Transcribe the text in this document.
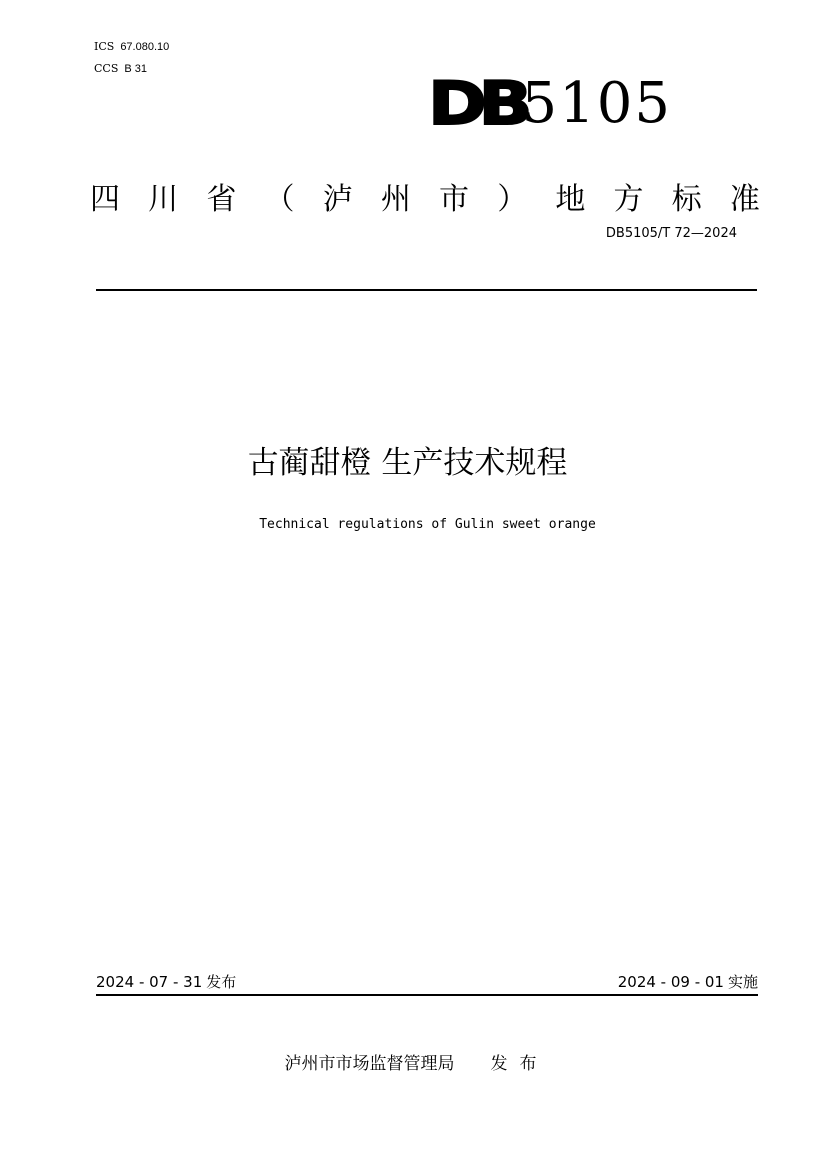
ICS 67.080.10
CCS B 31	DB
5105
四 川 省 （ 泸 州 市 ） 地 方 标 准
DB5105/T 72—2024
古蔺甜橙 生产技术规程
Technical regulations of Gulin sweet orange
2024 - 07 - 31 发布	2024 - 09 - 01 实施
泸州市市场监督管理局 发布
